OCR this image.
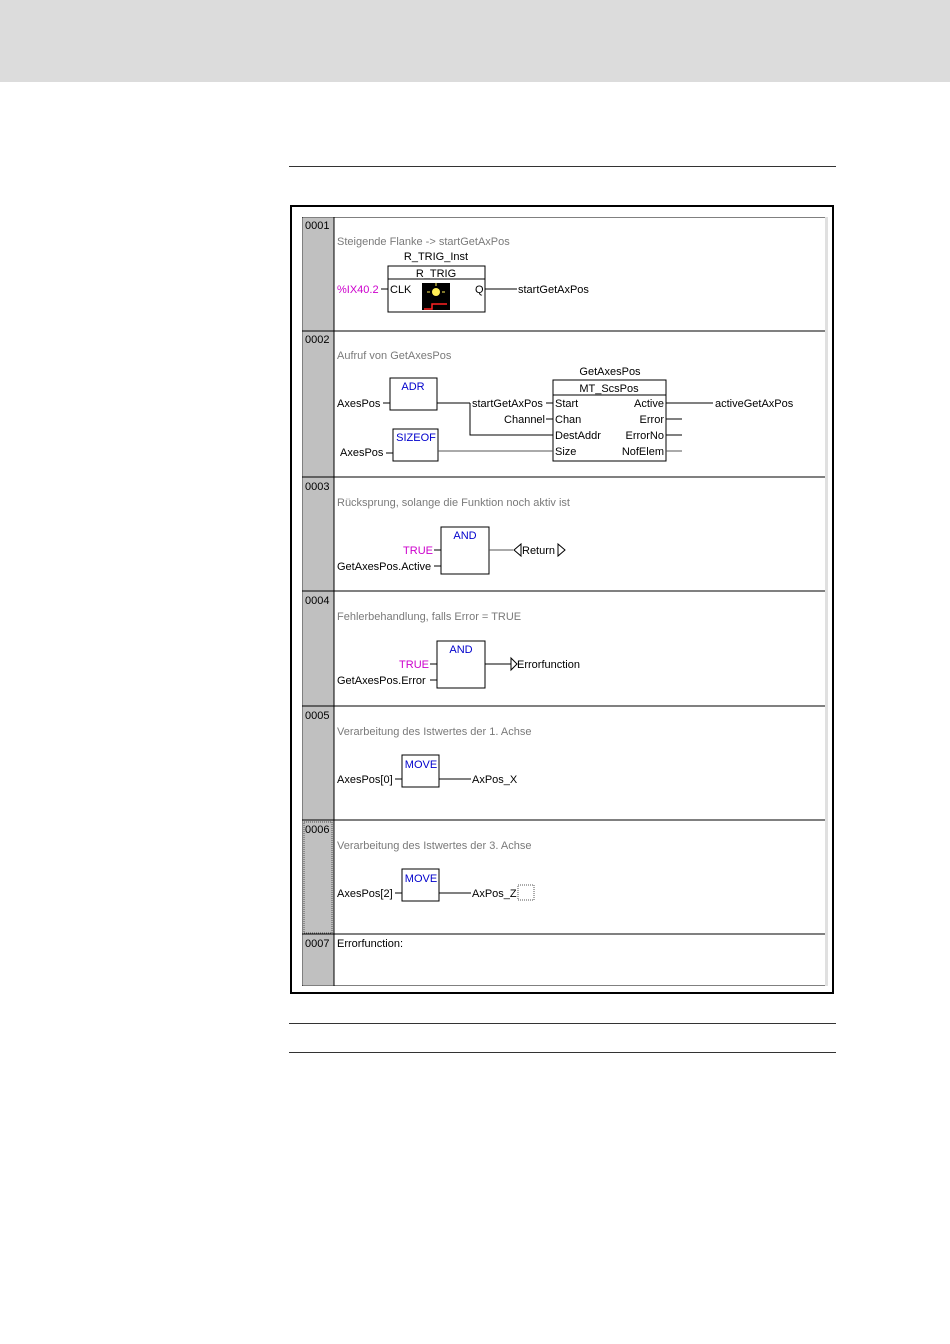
0001
Steigende Flanke -> startGetAxPos
R_TRIG_Inst
R_TRIG
CLK	Q
%IX40.2	startGetAxPos
0002
Aufruf von GetAxesPos
ADR
AxesPos
SIZEOF
AxesPos
GetAxesPos
MT_ScsPos
Start
Chan
DestAddr
Size
Active
Error
ErrorNo
NofElem
startGetAxPos
Channel
activeGetAxPos
0003
Rücksprung, solange die Funktion noch aktiv ist
AND
TRUE
GetAxesPos.Active
Return
0004
Fehlerbehandlung, falls Error = TRUE
AND
TRUE
GetAxesPos.Error
Errorfunction
0005
Verarbeitung des Istwertes der 1. Achse
MOVE
AxesPos[0]	AxPos_X
0006
Verarbeitung des Istwertes der 3. Achse
MOVE
AxesPos[2]	AxPos_Z
0007 Errorfunction:
